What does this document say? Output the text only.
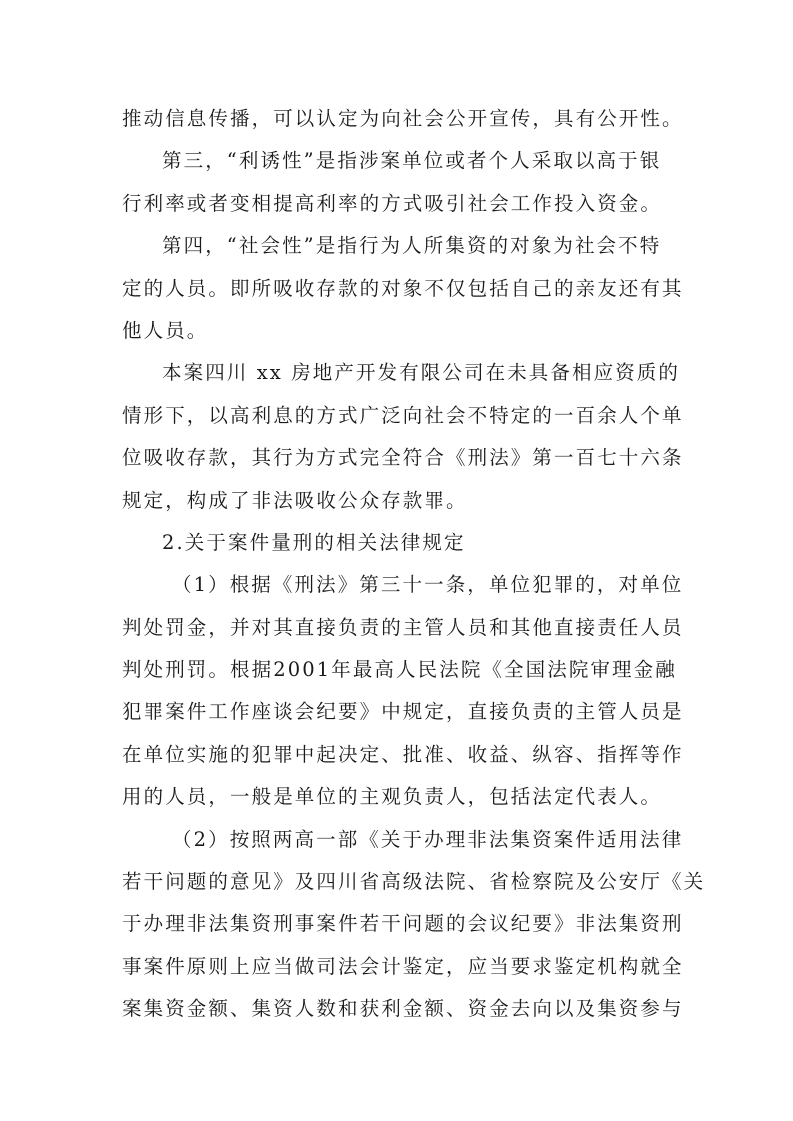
推动信息传播，可以认定为向社会公开宣传，具有公开性。
第三，“利诱性”是指涉案单位或者个人采取以高于银
行利率或者变相提高利率的方式吸引社会工作投入资金。
第四，“社会性”是指行为人所集资的对象为社会不特
定的人员。即所吸收存款的对象不仅包括自己的亲友还有其
他人员。
本案四川 xx 房地产开发有限公司在未具备相应资质的
情形下，以高利息的方式广泛向社会不特定的一百余人个单
位吸收存款，其行为方式完全符合《刑法》第一百七十六条
规定，构成了非法吸收公众存款罪。
2.关于案件量刑的相关法律规定
（1）根据《刑法》第三十一条，单位犯罪的，对单位
判处罚金，并对其直接负责的主管人员和其他直接责任人员
判处刑罚。根据2001年最高人民法院《全国法院审理金融
犯罪案件工作座谈会纪要》中规定，直接负责的主管人员是
在单位实施的犯罪中起决定、批准、收益、纵容、指挥等作
用的人员，一般是单位的主观负责人，包括法定代表人。
（2）按照两高一部《关于办理非法集资案件适用法律
若干问题的意见》及四川省高级法院、省检察院及公安厅《关
于办理非法集资刑事案件若干问题的会议纪要》非法集资刑
事案件原则上应当做司法会计鉴定，应当要求鉴定机构就全
案集资金额、集资人数和获利金额、资金去向以及集资参与
